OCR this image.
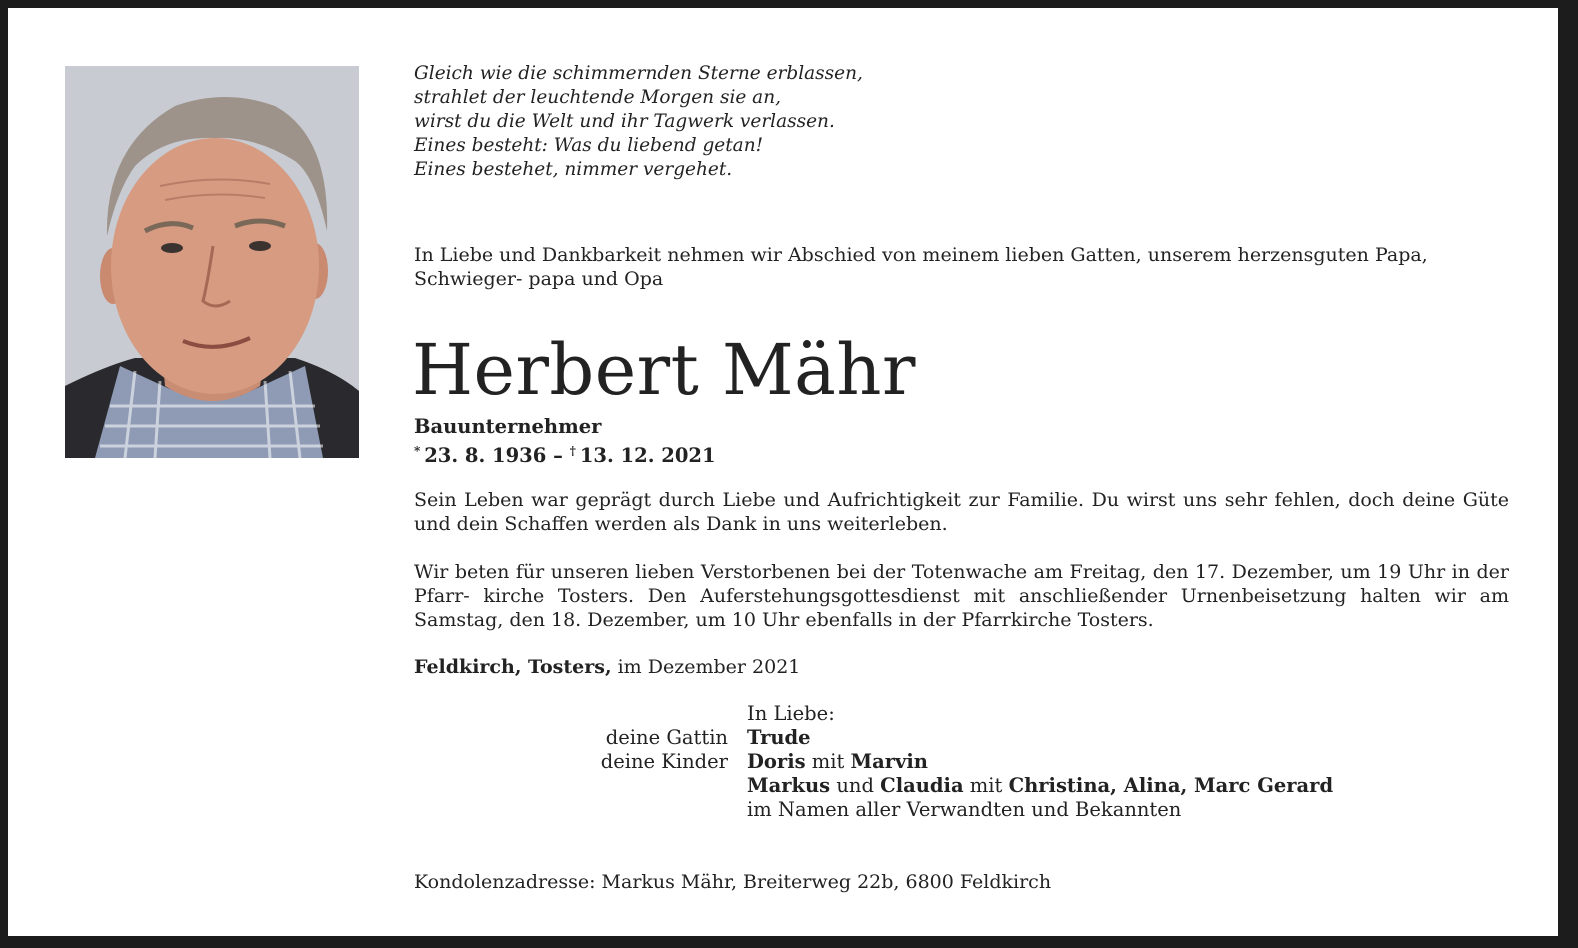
Gleich wie die schimmernden Sterne erblassen,
strahlet der leuchtende Morgen sie an,
wirst du die Welt und ihr Tagwerk verlassen.
Eines besteht: Was du liebend getan!
Eines bestehet, nimmer vergehet.
In Liebe und Dankbarkeit nehmen wir Abschied von meinem lieben Gatten, unserem herzensguten Papa, Schwieger- papa und Opa
Herbert Mähr
Bauunternehmer
*  23. 8. 1936 – †  13. 12. 2021
Sein Leben war geprägt durch Liebe und Aufrichtigkeit zur Familie. Du wirst uns sehr fehlen, doch deine Güte und dein Schaffen werden als Dank in uns weiterleben.
Wir beten für unseren lieben Verstorbenen bei der Totenwache am Freitag, den 17. Dezember, um 19 Uhr in der Pfarr- kirche Tosters. Den Auferstehungsgottesdienst mit anschließender Urnenbeisetzung halten wir am Samstag, den 18. Dezember, um 10 Uhr ebenfalls in der Pfarrkirche Tosters.
Feldkirch, Tosters, im Dezember 2021
In Liebe:
deine Gattin Trude
deine Kinder Doris mit Marvin
Markus und Claudia mit Christina, Alina, Marc Gerard
im Namen aller Verwandten und Bekannten
Kondolenzadresse: Markus Mähr, Breiterweg 22b, 6800 Feldkirch
